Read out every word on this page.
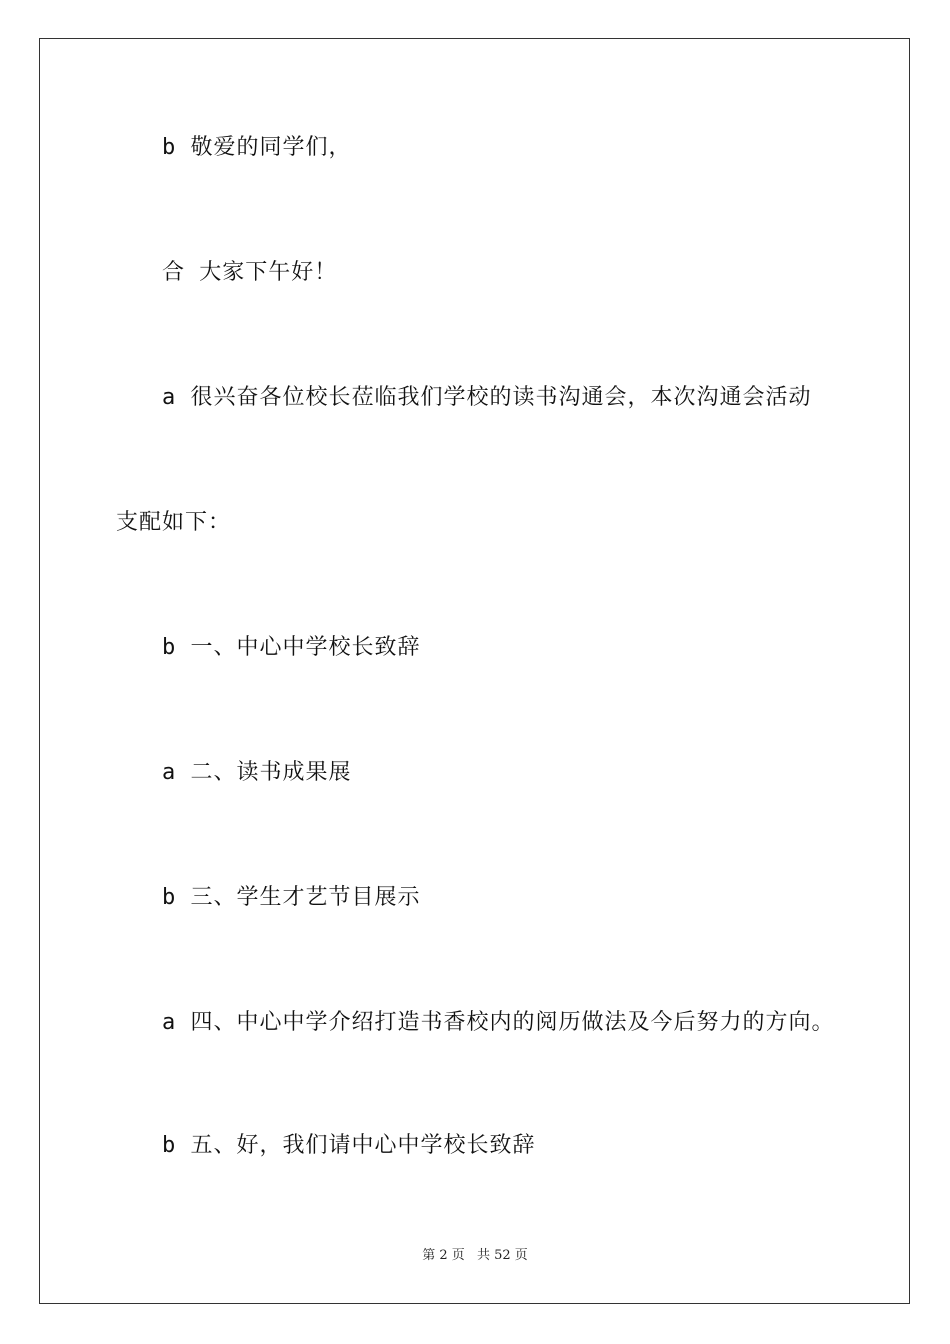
b 敬爱的同学们，
合 大家下午好！
a 很兴奋各位校长莅临我们学校的读书沟通会，本次沟通会活动
支配如下：
b 一、中心中学校长致辞
a 二、读书成果展
b 三、学生才艺节目展示
a 四、中心中学介绍打造书香校内的阅历做法及今后努力的方向。
b 五、好，我们请中心中学校长致辞
第 2 页 共 52 页
